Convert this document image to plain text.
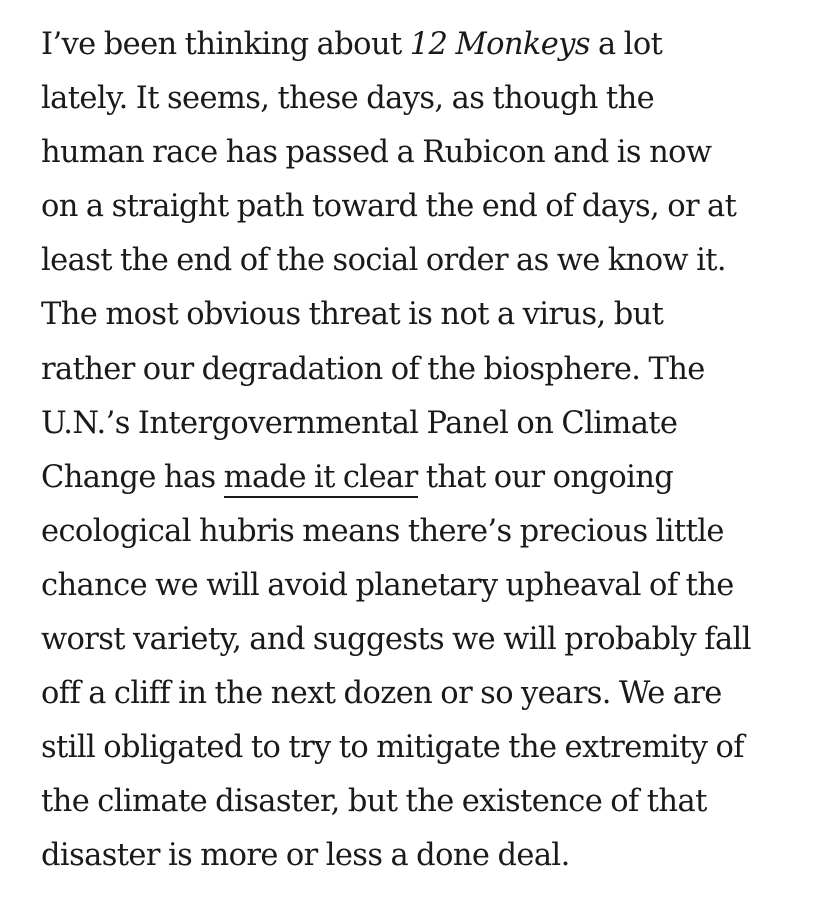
I’ve been thinking about 12 Monkeys a lot
lately. It seems, these days, as though the
human race has passed a Rubicon and is now
on a straight path toward the end of days, or at
least the end of the social order as we know it.
The most obvious threat is not a virus, but
rather our degradation of the biosphere. The
U.N.’s Intergovernmental Panel on Climate
Change has made it clear that our ongoing
ecological hubris means there’s precious little
chance we will avoid planetary upheaval of the
worst variety, and suggests we will probably fall
off a cliff in the next dozen or so years. We are
still obligated to try to mitigate the extremity of
the climate disaster, but the existence of that
disaster is more or less a done deal.
